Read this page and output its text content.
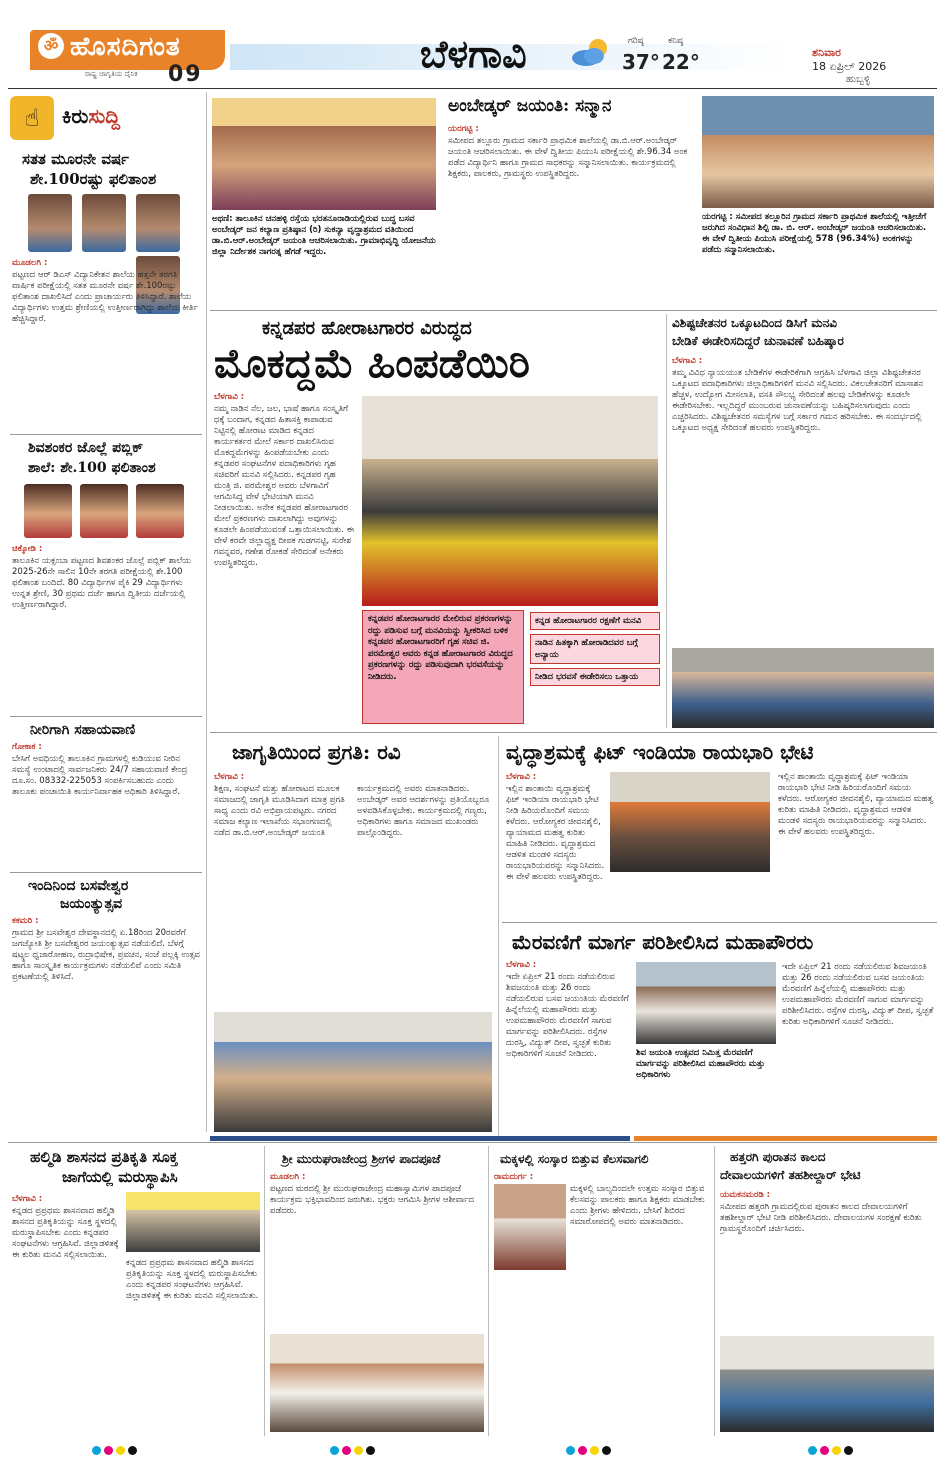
ॐ ಹೊಸದಿಗಂತ
ರಾಷ್ಟ್ರ ಜಾಗೃತಿಯ ದೈನಿಕ 09	ಬೆಳಗಾವಿ	ಗರಿಷ್ಠ
37°
ಕನಿಷ್ಠ
22°	ಶನಿವಾರ
18 ಏಪ್ರಿಲ್ 2026
ಹುಬ್ಬಳ್ಳಿ
☝	ಕಿರುಸುದ್ದಿ
ಸತತ ಮೂರನೇ ವರ್ಷ
ಶೇ.100ರಷ್ಟು ಫಲಿತಾಂಶ
ಮೂಡಲಗಿ :
ಪಟ್ಟಣದ ಆರ್ ಡಿಎಸ್ ವಿದ್ಯಾನಿಕೇತನ ಶಾಲೆಯ ಹತ್ತನೇ ತರಗತಿ ವಾರ್ಷಿಕ ಪರೀಕ್ಷೆಯಲ್ಲಿ ಸತತ ಮೂರನೇ ವರ್ಷ ಶೇ.100ರಷ್ಟು ಫಲಿತಾಂಶ ದಾಖಲಿಸಿದೆ ಎಂದು ಪ್ರಾಚಾರ್ಯರು ತಿಳಿಸಿದ್ದಾರೆ. ಶಾಲೆಯ ವಿದ್ಯಾರ್ಥಿಗಳು ಉತ್ತಮ ಶ್ರೇಣಿಯಲ್ಲಿ ಉತ್ತೀರ್ಣರಾಗಿದ್ದು ಶಾಲೆಯ ಕೀರ್ತಿ ಹೆಚ್ಚಿಸಿದ್ದಾರೆ.
ಶಿವಶಂಕರ ಜೊಲ್ಲೆ ಪಬ್ಲಿಕ್
ಶಾಲೆ: ಶೇ.100 ಫಲಿತಾಂಶ
ಚಿಕ್ಕೋಡಿ :
ತಾಲೂಕಿನ ಯಕ್ಸಂಬಾ ಪಟ್ಟಣದ ಶಿವಶಂಕರ ಜೊಲ್ಲೆ ಪಬ್ಲಿಕ್ ಶಾಲೆಯ 2025-26ನೇ ಸಾಲಿನ 10ನೇ ತರಗತಿ ಪರೀಕ್ಷೆಯಲ್ಲಿ ಶೇ.100 ಫಲಿತಾಂಶ ಬಂದಿದೆ. 80 ವಿದ್ಯಾರ್ಥಿಗಳ ಪೈಕಿ 29 ವಿದ್ಯಾರ್ಥಿಗಳು ಉನ್ನತ ಶ್ರೇಣಿ, 30 ಪ್ರಥಮ ದರ್ಜೆ ಹಾಗೂ ದ್ವಿತೀಯ ದರ್ಜೆಯಲ್ಲಿ ಉತ್ತೀರ್ಣರಾಗಿದ್ದಾರೆ.
ನೀರಿಗಾಗಿ ಸಹಾಯವಾಣಿ
ಗೋಕಾಕ :
ಬೇಸಿಗೆ ಅವಧಿಯಲ್ಲಿ ತಾಲೂಕಿನ ಗ್ರಾಮಗಳಲ್ಲಿ ಕುಡಿಯುವ ನೀರಿನ ಸಮಸ್ಯೆ ಉಂಟಾದಲ್ಲಿ ಸಾರ್ವಜನಿಕರು 24/7 ಸಹಾಯವಾಣಿ ಕೇಂದ್ರ ದೂ.ಸಂ. 08332-225053 ಸಂಪರ್ಕಿಸಬಹುದು ಎಂದು ತಾಲೂಕು ಪಂಚಾಯಿತಿ ಕಾರ್ಯನಿರ್ವಾಹಕ ಅಧಿಕಾರಿ ತಿಳಿಸಿದ್ದಾರೆ.
ಇಂದಿನಿಂದ ಬಸವೇಶ್ವರ
ಜಯಂತ್ಯುತ್ಸವ
ಕಕಮರಿ :
ಗ್ರಾಮದ ಶ್ರೀ ಬಸವೇಶ್ವರ ದೇವಸ್ಥಾನದಲ್ಲಿ ಏ.18ರಿಂದ 20ರವರೆಗೆ ಜಗಜ್ಯೋತಿ ಶ್ರೀ ಬಸವೇಶ್ವರರ ಜಯಂತ್ಯುತ್ಸವ ನಡೆಯಲಿದೆ. ಬೆಳಗ್ಗೆ ಷಟ್ಸ್ಥಲ ಧ್ವಜಾರೋಹಣ, ರುದ್ರಾಭಿಷೇಕ, ಪ್ರವಚನ, ಸಂಜೆ ಪಲ್ಲಕ್ಕಿ ಉತ್ಸವ ಹಾಗೂ ಸಾಂಸ್ಕೃತಿಕ ಕಾರ್ಯಕ್ರಮಗಳು ನಡೆಯಲಿವೆ ಎಂದು ಸಮಿತಿ ಪ್ರಕಟಣೆಯಲ್ಲಿ ತಿಳಿಸಿದೆ.
ಅಥಣಿ: ತಾಲೂಕಿನ ಚನಹಳ್ಳಿ ರಸ್ತೆಯ ಭರತನೂರಾಡಿಯಲ್ಲಿರುವ ಬುದ್ಧ ಬಸವ ಅಂಬೇಡ್ಕರ್ ಜನ ಕಲ್ಯಾಣ ಪ್ರತಿಷ್ಠಾನ (ರಿ) ಸುಕನ್ಯಾ ವೃದ್ಧಾಶ್ರಮದ ವತಿಯಿಂದ ಡಾ.ಬಿ.ಆರ್.ಅಂಬೇಡ್ಕರ್ ಜಯಂತಿ ಆಚರಿಸಲಾಯಿತು. ಗ್ರಾಮಾಭಿವೃದ್ಧಿ ಯೋಜನೆಯ ಜಿಲ್ಲಾ ನಿರ್ದೇಶಕ ನಾಗರತ್ನ ಹೆಗಡೆ ಇದ್ದರು.
ಅಂಬೇಡ್ಕರ್ ಜಯಂತಿ: ಸನ್ಮಾನ
ಯರಗಟ್ಟಿ :
ಸಮೀಪದ ತಲ್ಲೂರು ಗ್ರಾಮದ ಸರ್ಕಾರಿ ಪ್ರಾಥಮಿಕ ಶಾಲೆಯಲ್ಲಿ ಡಾ.ಬಿ.ಆರ್.ಅಂಬೇಡ್ಕರ್ ಜಯಂತಿ ಆಚರಿಸಲಾಯಿತು. ಈ ವೇಳೆ ದ್ವಿತೀಯ ಪಿಯುಸಿ ಪರೀಕ್ಷೆಯಲ್ಲಿ ಶೇ.96.34 ಅಂಕ ಪಡೆದ ವಿದ್ಯಾರ್ಥಿನಿ ಹಾಗೂ ಗ್ರಾಮದ ಸಾಧಕರನ್ನು ಸನ್ಮಾನಿಸಲಾಯಿತು. ಕಾರ್ಯಕ್ರಮದಲ್ಲಿ ಶಿಕ್ಷಕರು, ಪಾಲಕರು, ಗ್ರಾಮಸ್ಥರು ಉಪಸ್ಥಿತರಿದ್ದರು.
ಯರಗಟ್ಟಿ : ಸಮೀಪದ ತಲ್ಲೂರಿನ ಗ್ರಾಮದ ಸರ್ಕಾರಿ ಪ್ರಾಥಮಿಕ ಶಾಲೆಯಲ್ಲಿ ಇತ್ತೀಚೆಗೆ ಜರುಗಿದ ಸಂವಿಧಾನ ಶಿಲ್ಪಿ ಡಾ. ಬಿ. ಆರ್. ಅಂಬೇಡ್ಕರ್ ಜಯಂತಿ ಆಚರಿಸಲಾಯಿತು. ಈ ವೇಳೆ ದ್ವಿತೀಯ ಪಿಯುಸಿ ಪರೀಕ್ಷೆಯಲ್ಲಿ 578 (96.34%) ಅಂಕಗಳನ್ನು ಪಡೆದು ಸನ್ಮಾನಿಸಲಾಯಿತು.
ಕನ್ನಡಪರ ಹೋರಾಟಗಾರರ ವಿರುದ್ಧದ
ಮೊಕದ್ದಮೆ ಹಿಂಪಡೆಯಿರಿ
ಬೆಳಗಾವಿ :
ನಮ್ಮ ನಾಡಿನ ನೆಲ, ಜಲ, ಭಾಷೆ ಹಾಗೂ ಸಂಸ್ಕೃತಿಗೆ ಧಕ್ಕೆ ಬಂದಾಗ, ಕನ್ನಡದ ಹಿತಾಸಕ್ತಿ ಕಾಪಾಡುವ ನಿಟ್ಟಿನಲ್ಲಿ ಹೋರಾಟ ಮಾಡಿದ ಕನ್ನಡದ ಕಾರ್ಯಕರ್ತರ ಮೇಲೆ ಸರ್ಕಾರ ದಾಖಲಿಸಿರುವ ಮೊಕದ್ದಮೆಗಳನ್ನು ಹಿಂಪಡೆಯಬೇಕು ಎಂದು ಕನ್ನಡಪರ ಸಂಘಟನೆಗಳ ಪದಾಧಿಕಾರಿಗಳು ಗೃಹ ಸಚಿವರಿಗೆ ಮನವಿ ಸಲ್ಲಿಸಿದರು. ಕನ್ನಡಪರ ಗೃಹ ಮಂತ್ರಿ ಜಿ. ಪರಮೇಶ್ವರ ಅವರು ಬೆಳಗಾವಿಗೆ ಆಗಮಿಸಿದ್ದ ವೇಳೆ ಭೇಟಿಯಾಗಿ ಮನವಿ ನೀಡಲಾಯಿತು. ಅನೇಕ ಕನ್ನಡಪರ ಹೋರಾಟಗಾರರ ಮೇಲೆ ಪ್ರಕರಣಗಳು ದಾಖಲಾಗಿದ್ದು ಅವುಗಳನ್ನು ಕೂಡಲೇ ಹಿಂಪಡೆಯುವಂತೆ ಒತ್ತಾಯಿಸಲಾಯಿತು. ಈ ವೇಳೆ ಕರವೇ ಜಿಲ್ಲಾಧ್ಯಕ್ಷ ದೀಪಕ ಗುಡಗನಟ್ಟಿ, ಸುರೇಶ ಗವನ್ನವರ, ಗಣೇಶ ರೋಕಡೆ ಸೇರಿದಂತೆ ಅನೇಕರು ಉಪಸ್ಥಿತರಿದ್ದರು.
ಕನ್ನಡಪರ ಹೋರಾಟಗಾರರ ಮೇಲಿರುವ ಪ್ರಕರಣಗಳನ್ನು ರದ್ದು ಪಡಿಸುವ ಬಗ್ಗೆ ಮನವಿಯನ್ನು ಸ್ವೀಕರಿಸಿದ ಬಳಿಕ ಕನ್ನಡಪರ ಹೋರಾಟಗಾರರಿಗೆ ಗೃಹ ಸಚಿವ ಜಿ. ಪರಮೇಶ್ವರ ಅವರು ಕನ್ನಡ ಹೋರಾಟಗಾರರ ವಿರುದ್ಧದ ಪ್ರಕರಣಗಳನ್ನು ರದ್ದು ಪಡಿಸುವುದಾಗಿ ಭರವಸೆಯನ್ನು ನೀಡಿದರು.
ಕನ್ನಡ ಹೋರಾಟಗಾರರ ರಕ್ಷಣೆಗೆ ಮನವಿ
ನಾಡಿನ ಹಿತಕ್ಕಾಗಿ ಹೋರಾಡಿದವರ ಬಗ್ಗೆ ಅನ್ಯಾಯ
ನೀಡಿದ ಭರವಸೆ ಈಡೇರಿಸಲು ಒತ್ತಾಯ
ವಿಶಿಷ್ಟಚೇತನರ ಒಕ್ಕೂಟದಿಂದ ಡಿಸಿಗೆ ಮನವಿ
ಬೇಡಿಕೆ ಈಡೇರಿಸದಿದ್ದರೆ ಚುನಾವಣೆ ಬಹಿಷ್ಕಾರ
ಬೆಳಗಾವಿ :
ತಮ್ಮ ವಿವಿಧ ನ್ಯಾಯಯುತ ಬೇಡಿಕೆಗಳ ಈಡೇರಿಕೆಗಾಗಿ ಆಗ್ರಹಿಸಿ ಬೆಳಗಾವಿ ಜಿಲ್ಲಾ ವಿಶಿಷ್ಟಚೇತನರ ಒಕ್ಕೂಟದ ಪದಾಧಿಕಾರಿಗಳು ಜಿಲ್ಲಾಧಿಕಾರಿಗಳಿಗೆ ಮನವಿ ಸಲ್ಲಿಸಿದರು. ವಿಕಲಚೇತನರಿಗೆ ಮಾಸಾಶನ ಹೆಚ್ಚಳ, ಉದ್ಯೋಗ ಮೀಸಲಾತಿ, ವಸತಿ ಸೌಲಭ್ಯ ಸೇರಿದಂತೆ ಹಲವು ಬೇಡಿಕೆಗಳನ್ನು ಕೂಡಲೇ ಈಡೇರಿಸಬೇಕು. ಇಲ್ಲದಿದ್ದರೆ ಮುಂಬರುವ ಚುನಾವಣೆಯನ್ನು ಬಹಿಷ್ಕರಿಸಲಾಗುವುದು ಎಂದು ಎಚ್ಚರಿಸಿದರು. ವಿಶಿಷ್ಟಚೇತನರ ಸಮಸ್ಯೆಗಳ ಬಗ್ಗೆ ಸರ್ಕಾರ ಗಮನ ಹರಿಸಬೇಕು. ಈ ಸಂದರ್ಭದಲ್ಲಿ ಒಕ್ಕೂಟದ ಅಧ್ಯಕ್ಷ ಸೇರಿದಂತೆ ಹಲವರು ಉಪಸ್ಥಿತರಿದ್ದರು.
ಜಾಗೃತಿಯಿಂದ ಪ್ರಗತಿ: ರವಿ
ಬೆಳಗಾವಿ :
ಶಿಕ್ಷಣ, ಸಂಘಟನೆ ಮತ್ತು ಹೋರಾಟದ ಮೂಲಕ ಸಮಾಜದಲ್ಲಿ ಜಾಗೃತಿ ಮೂಡಿಸಿದಾಗ ಮಾತ್ರ ಪ್ರಗತಿ ಸಾಧ್ಯ ಎಂದು ರವಿ ಅಭಿಪ್ರಾಯಪಟ್ಟರು. ನಗರದ ಸಮಾಜ ಕಲ್ಯಾಣ ಇಲಾಖೆಯ ಸಭಾಂಗಣದಲ್ಲಿ ನಡೆದ ಡಾ.ಬಿ.ಆರ್.ಅಂಬೇಡ್ಕರ್ ಜಯಂತಿ ಕಾರ್ಯಕ್ರಮದಲ್ಲಿ ಅವರು ಮಾತನಾಡಿದರು. ಅಂಬೇಡ್ಕರ್ ಅವರ ಆದರ್ಶಗಳನ್ನು ಪ್ರತಿಯೊಬ್ಬರೂ ಅಳವಡಿಸಿಕೊಳ್ಳಬೇಕು. ಕಾರ್ಯಕ್ರಮದಲ್ಲಿ ಗಣ್ಯರು, ಅಧಿಕಾರಿಗಳು ಹಾಗೂ ಸಮಾಜದ ಮುಖಂಡರು ಪಾಲ್ಗೊಂಡಿದ್ದರು.
ವೃದ್ಧಾಶ್ರಮಕ್ಕೆ ಫಿಟ್ ಇಂಡಿಯಾ ರಾಯಭಾರಿ ಭೇಟಿ
ಬೆಳಗಾವಿ :
ಇಲ್ಲಿನ ಶಾಂತಾಯಿ ವೃದ್ಧಾಶ್ರಮಕ್ಕೆ ಫಿಟ್ ಇಂಡಿಯಾ ರಾಯಭಾರಿ ಭೇಟಿ ನೀಡಿ ಹಿರಿಯರೊಂದಿಗೆ ಸಮಯ ಕಳೆದರು. ಆರೋಗ್ಯಕರ ಜೀವನಶೈಲಿ, ವ್ಯಾಯಾಮದ ಮಹತ್ವ ಕುರಿತು ಮಾಹಿತಿ ನೀಡಿದರು. ವೃದ್ಧಾಶ್ರಮದ ಆಡಳಿತ ಮಂಡಳಿ ಸದಸ್ಯರು ರಾಯಭಾರಿಯವರನ್ನು ಸನ್ಮಾನಿಸಿದರು. ಈ ವೇಳೆ ಹಲವರು ಉಪಸ್ಥಿತರಿದ್ದರು.
ಇಲ್ಲಿನ ಶಾಂತಾಯಿ ವೃದ್ಧಾಶ್ರಮಕ್ಕೆ ಫಿಟ್ ಇಂಡಿಯಾ ರಾಯಭಾರಿ ಭೇಟಿ ನೀಡಿ ಹಿರಿಯರೊಂದಿಗೆ ಸಮಯ ಕಳೆದರು. ಆರೋಗ್ಯಕರ ಜೀವನಶೈಲಿ, ವ್ಯಾಯಾಮದ ಮಹತ್ವ ಕುರಿತು ಮಾಹಿತಿ ನೀಡಿದರು. ವೃದ್ಧಾಶ್ರಮದ ಆಡಳಿತ ಮಂಡಳಿ ಸದಸ್ಯರು ರಾಯಭಾರಿಯವರನ್ನು ಸನ್ಮಾನಿಸಿದರು. ಈ ವೇಳೆ ಹಲವರು ಉಪಸ್ಥಿತರಿದ್ದರು.
ಮೆರವಣಿಗೆ ಮಾರ್ಗ ಪರಿಶೀಲಿಸಿದ ಮಹಾಪೌರರು
ಬೆಳಗಾವಿ :
ಇದೇ ಏಪ್ರಿಲ್ 21 ರಂದು ನಡೆಯಲಿರುವ ಶಿವಜಯಂತಿ ಮತ್ತು 26 ರಂದು ನಡೆಯಲಿರುವ ಬಸವ ಜಯಂತಿಯ ಮೆರವಣಿಗೆ ಹಿನ್ನೆಲೆಯಲ್ಲಿ ಮಹಾಪೌರರು ಮತ್ತು ಉಪಮಹಾಪೌರರು ಮೆರವಣಿಗೆ ಸಾಗುವ ಮಾರ್ಗವನ್ನು ಪರಿಶೀಲಿಸಿದರು. ರಸ್ತೆಗಳ ದುರಸ್ತಿ, ವಿದ್ಯುತ್ ದೀಪ, ಸ್ವಚ್ಛತೆ ಕುರಿತು ಅಧಿಕಾರಿಗಳಿಗೆ ಸೂಚನೆ ನೀಡಿದರು.	ಶಿವ ಜಯಂತಿ ಉತ್ಸವದ ನಿಮಿತ್ತ ಮೆರವಣಿಗೆ ಮಾರ್ಗವನ್ನು ಪರಿಶೀಲಿಸಿದ ಮಹಾಪೌರರು ಮತ್ತು ಅಧಿಕಾರಿಗಳು
ಇದೇ ಏಪ್ರಿಲ್ 21 ರಂದು ನಡೆಯಲಿರುವ ಶಿವಜಯಂತಿ ಮತ್ತು 26 ರಂದು ನಡೆಯಲಿರುವ ಬಸವ ಜಯಂತಿಯ ಮೆರವಣಿಗೆ ಹಿನ್ನೆಲೆಯಲ್ಲಿ ಮಹಾಪೌರರು ಮತ್ತು ಉಪಮಹಾಪೌರರು ಮೆರವಣಿಗೆ ಸಾಗುವ ಮಾರ್ಗವನ್ನು ಪರಿಶೀಲಿಸಿದರು. ರಸ್ತೆಗಳ ದುರಸ್ತಿ, ವಿದ್ಯುತ್ ದೀಪ, ಸ್ವಚ್ಛತೆ ಕುರಿತು ಅಧಿಕಾರಿಗಳಿಗೆ ಸೂಚನೆ ನೀಡಿದರು.
ಹಲ್ಮಿಡಿ ಶಾಸನದ ಪ್ರತಿಕೃತಿ ಸೂಕ್ತ
ಜಾಗೆಯಲ್ಲಿ ಮರುಸ್ಥಾಪಿಸಿ
ಬೆಳಗಾವಿ :
ಕನ್ನಡದ ಪ್ರಪ್ರಥಮ ಶಾಸನವಾದ ಹಲ್ಮಿಡಿ ಶಾಸನದ ಪ್ರತಿಕೃತಿಯನ್ನು ಸೂಕ್ತ ಸ್ಥಳದಲ್ಲಿ ಮರುಸ್ಥಾಪಿಸಬೇಕು ಎಂದು ಕನ್ನಡಪರ ಸಂಘಟನೆಗಳು ಆಗ್ರಹಿಸಿವೆ. ಜಿಲ್ಲಾಡಳಿತಕ್ಕೆ ಈ ಕುರಿತು ಮನವಿ ಸಲ್ಲಿಸಲಾಯಿತು.
ಕನ್ನಡದ ಪ್ರಪ್ರಥಮ ಶಾಸನವಾದ ಹಲ್ಮಿಡಿ ಶಾಸನದ ಪ್ರತಿಕೃತಿಯನ್ನು ಸೂಕ್ತ ಸ್ಥಳದಲ್ಲಿ ಮರುಸ್ಥಾಪಿಸಬೇಕು ಎಂದು ಕನ್ನಡಪರ ಸಂಘಟನೆಗಳು ಆಗ್ರಹಿಸಿವೆ. ಜಿಲ್ಲಾಡಳಿತಕ್ಕೆ ಈ ಕುರಿತು ಮನವಿ ಸಲ್ಲಿಸಲಾಯಿತು.
ಶ್ರೀ ಮುರುಘರಾಜೇಂದ್ರ ಶ್ರೀಗಳ ಪಾದಪೂಜೆ
ಮೂಡಲಗಿ :
ಪಟ್ಟಣದ ಮಠದಲ್ಲಿ ಶ್ರೀ ಮುರುಘರಾಜೇಂದ್ರ ಮಹಾಸ್ವಾಮಿಗಳ ಪಾದಪೂಜೆ ಕಾರ್ಯಕ್ರಮ ಭಕ್ತಿಭಾವದಿಂದ ಜರುಗಿತು. ಭಕ್ತರು ಆಗಮಿಸಿ ಶ್ರೀಗಳ ಆಶೀರ್ವಾದ ಪಡೆದರು.
ಮಕ್ಕಳಲ್ಲಿ ಸಂಸ್ಕಾರ ಬಿತ್ತುವ ಕೆಲಸವಾಗಲಿ
ರಾಮದುರ್ಗ :
ಮಕ್ಕಳಲ್ಲಿ ಬಾಲ್ಯದಿಂದಲೇ ಉತ್ತಮ ಸಂಸ್ಕಾರ ಬಿತ್ತುವ ಕೆಲಸವನ್ನು ಪಾಲಕರು ಹಾಗೂ ಶಿಕ್ಷಕರು ಮಾಡಬೇಕು ಎಂದು ಶ್ರೀಗಳು ಹೇಳಿದರು. ಬೇಸಿಗೆ ಶಿಬಿರದ ಸಮಾರೋಪದಲ್ಲಿ ಅವರು ಮಾತನಾಡಿದರು.
ಹತ್ತರಗಿ ಪುರಾತನ ಕಾಲದ
ದೇವಾಲಯಗಳಿಗೆ ತಹಶೀಲ್ದಾರ್ ಭೇಟಿ
ಯಮಕನಮರಡಿ :
ಸಮೀಪದ ಹತ್ತರಗಿ ಗ್ರಾಮದಲ್ಲಿರುವ ಪುರಾತನ ಕಾಲದ ದೇವಾಲಯಗಳಿಗೆ ತಹಶೀಲ್ದಾರ್ ಭೇಟಿ ನೀಡಿ ಪರಿಶೀಲಿಸಿದರು. ದೇವಾಲಯಗಳ ಸಂರಕ್ಷಣೆ ಕುರಿತು ಗ್ರಾಮಸ್ಥರೊಂದಿಗೆ ಚರ್ಚಿಸಿದರು.
